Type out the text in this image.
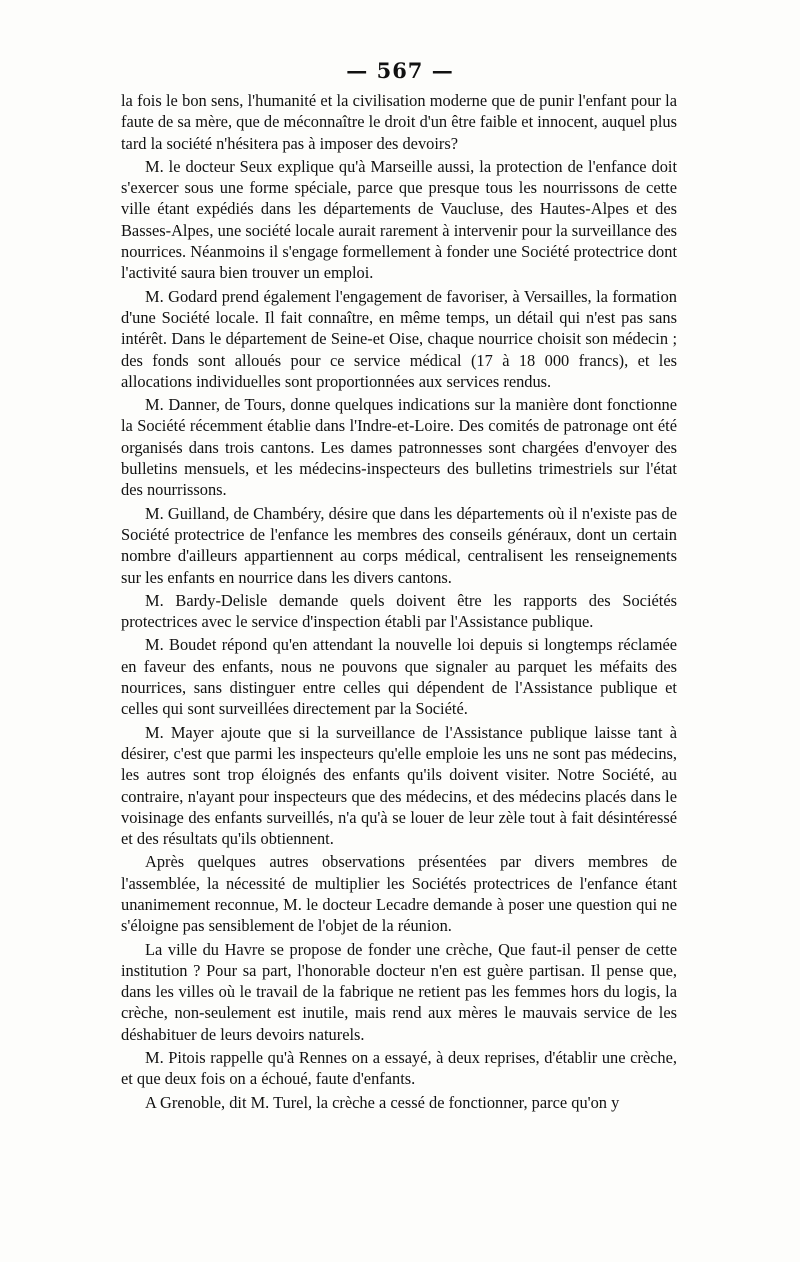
— 567 —

la fois le bon sens, l'humanité et la civilisation moderne que de punir l'enfant pour la faute de sa mère, que de méconnaître le droit d'un être faible et innocent, auquel plus tard la société n'hésitera pas à imposer des devoirs?

M. le docteur Seux explique qu'à Marseille aussi, la protection de l'enfance doit s'exercer sous une forme spéciale, parce que presque tous les nourrissons de cette ville étant expédiés dans les départements de Vaucluse, des Hautes-Alpes et des Basses-Alpes, une société locale aurait rarement à intervenir pour la surveillance des nourrices. Néanmoins il s'engage formellement à fonder une Société protectrice dont l'activité saura bien trouver un emploi.

M. Godard prend également l'engagement de favoriser, à Versailles, la formation d'une Société locale. Il fait connaître, en même temps, un détail qui n'est pas sans intérêt. Dans le département de Seine-et Oise, chaque nourrice choisit son médecin ; des fonds sont alloués pour ce service médical (17 à 18 000 francs), et les allocations individuelles sont proportionnées aux services rendus.

M. Danner, de Tours, donne quelques indications sur la manière dont fonctionne la Société récemment établie dans l'Indre-et-Loire. Des comités de patronage ont été organisés dans trois cantons. Les dames patronnesses sont chargées d'envoyer des bulletins mensuels, et les médecins-inspecteurs des bulletins trimestriels sur l'état des nourrissons.

M. Guilland, de Chambéry, désire que dans les départements où il n'existe pas de Société protectrice de l'enfance les membres des conseils généraux, dont un certain nombre d'ailleurs appartiennent au corps médical, centralisent les renseignements sur les enfants en nourrice dans les divers cantons.

M. Bardy-Delisle demande quels doivent être les rapports des Sociétés protectrices avec le service d'inspection établi par l'Assistance publique.

M. Boudet répond qu'en attendant la nouvelle loi depuis si longtemps réclamée en faveur des enfants, nous ne pouvons que signaler au parquet les méfaits des nourrices, sans distinguer entre celles qui dépendent de l'Assistance publique et celles qui sont surveillées directement par la Société.

M. Mayer ajoute que si la surveillance de l'Assistance publique laisse tant à désirer, c'est que parmi les inspecteurs qu'elle emploie les uns ne sont pas médecins, les autres sont trop éloignés des enfants qu'ils doivent visiter. Notre Société, au contraire, n'ayant pour inspecteurs que des médecins, et des médecins placés dans le voisinage des enfants surveillés, n'a qu'à se louer de leur zèle tout à fait désintéressé et des résultats qu'ils obtiennent.

Après quelques autres observations présentées par divers membres de l'assemblée, la nécessité de multiplier les Sociétés protectrices de l'enfance étant unanimement reconnue, M. le docteur Lecadre demande à poser une question qui ne s'éloigne pas sensiblement de l'objet de la réunion.

La ville du Havre se propose de fonder une crèche, Que faut-il penser de cette institution ? Pour sa part, l'honorable docteur n'en est guère partisan. Il pense que, dans les villes où le travail de la fabrique ne retient pas les femmes hors du logis, la crèche, non-seulement est inutile, mais rend aux mères le mauvais service de les déshabituer de leurs devoirs naturels.

M. Pitois rappelle qu'à Rennes on a essayé, à deux reprises, d'établir une crèche, et que deux fois on a échoué, faute d'enfants.

A Grenoble, dit M. Turel, la crèche a cessé de fonctionner, parce qu'on y
